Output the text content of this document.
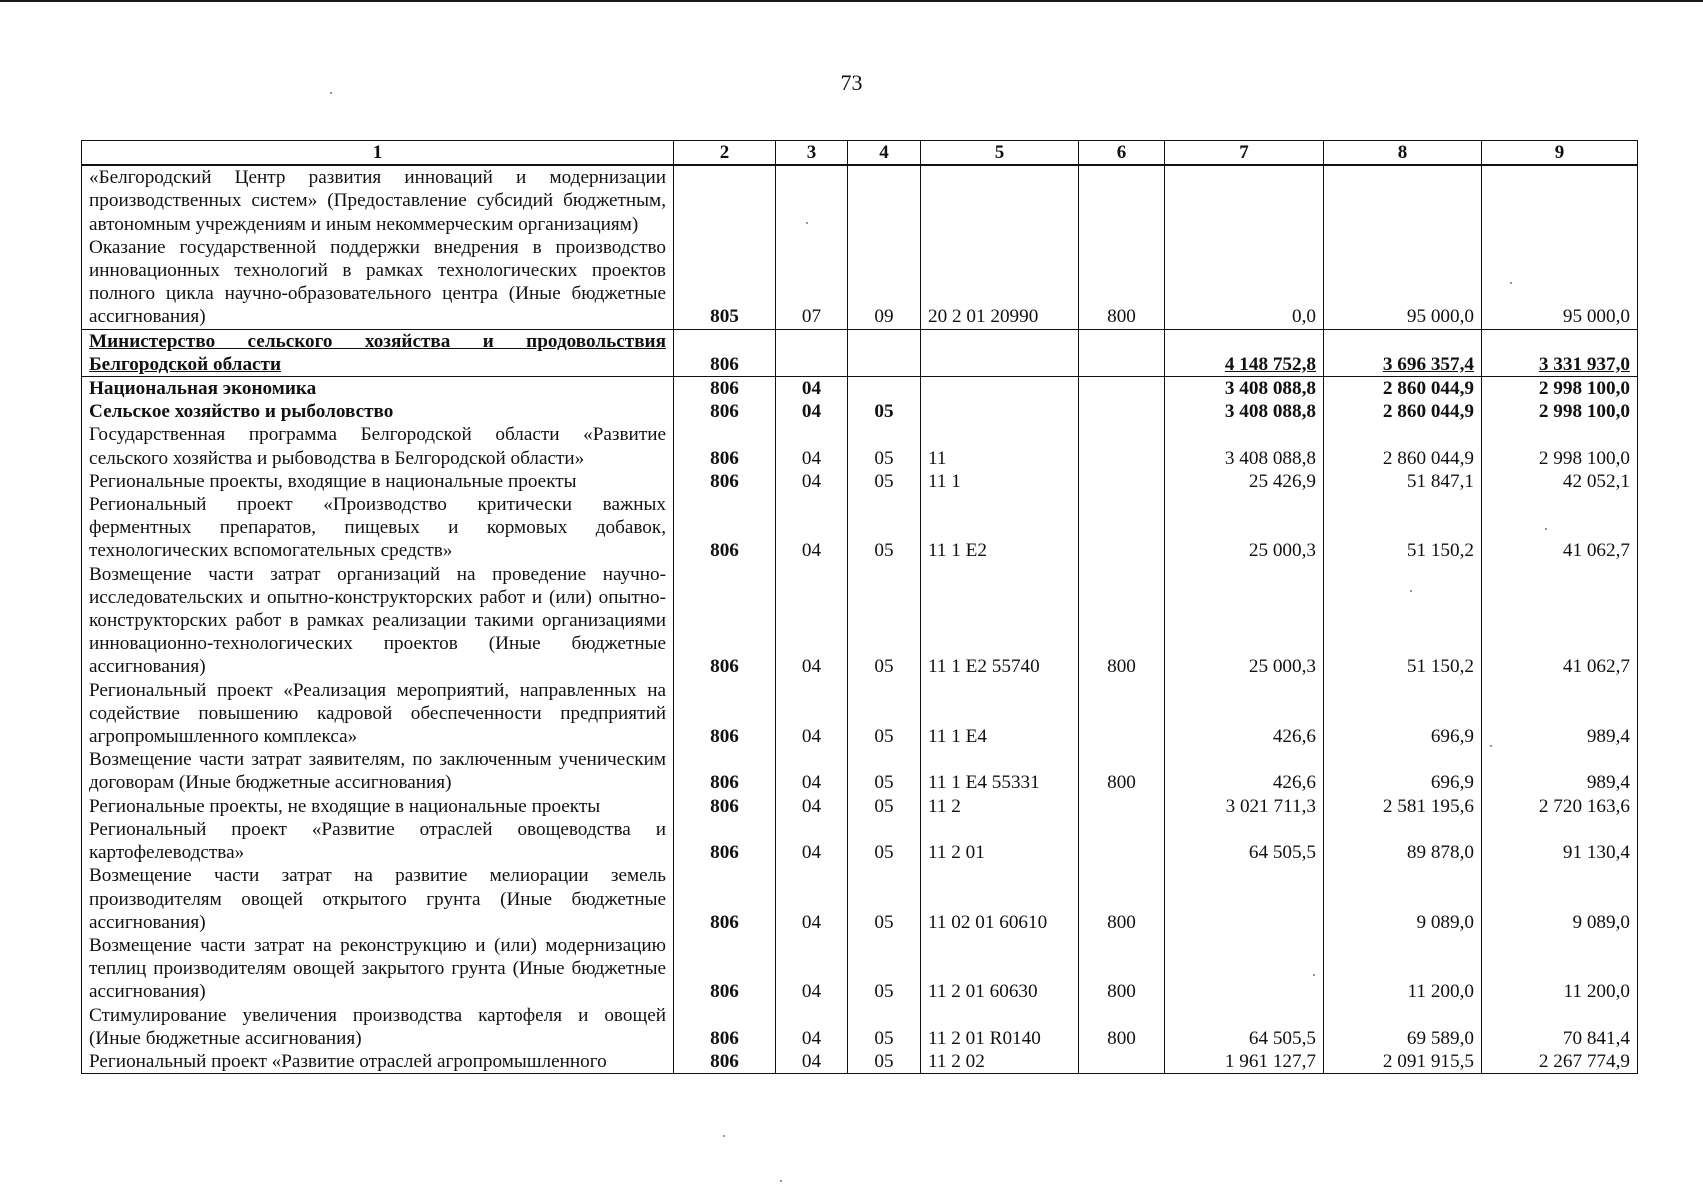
73
1	2	3	4	5	6	7	8	9
«Белгородский Центр развития инноваций и модернизации производственных систем» (Предоставление субсидий бюджетным, автономным учреждениям и иным некоммерческим организациям)								
Оказание государственной поддержки внедрения в производство инновационных технологий в рамках технологических проектов полного цикла научно-образовательного центра (Иные бюджетные ассигнования)	805	07	09	20 2 01 20990	800	0,0	95 000,0	95 000,0
Министерство сельского хозяйства и продовольствия Белгородской области	806					4 148 752,8	3 696 357,4	3 331 937,0
Национальная экономика	806	04				3 408 088,8	2 860 044,9	2 998 100,0
Сельское хозяйство и рыболовство	806	04	05			3 408 088,8	2 860 044,9	2 998 100,0
Государственная программа Белгородской области «Развитие сельского хозяйства и рыбоводства в Белгородской области»	806	04	05	11		3 408 088,8	2 860 044,9	2 998 100,0
Региональные проекты, входящие в национальные проекты	806	04	05	11 1		25 426,9	51 847,1	42 052,1
Региональный проект «Производство критически важных ферментных препаратов, пищевых и кормовых добавок, технологических вспомогательных средств»	806	04	05	11 1 E2		25 000,3	51 150,2	41 062,7
Возмещение части затрат организаций на проведение научно-исследовательских и опытно-конструкторских работ и (или) опытно-конструкторских работ в рамках реализации такими организациями инновационно-технологических проектов (Иные бюджетные ассигнования)	806	04	05	11 1 E2 55740	800	25 000,3	51 150,2	41 062,7
Региональный проект «Реализация мероприятий, направленных на содействие повышению кадровой обеспеченности предприятий агропромышленного комплекса»	806	04	05	11 1 E4		426,6	696,9	989,4
Возмещение части затрат заявителям, по заключенным ученическим договорам (Иные бюджетные ассигнования)	806	04	05	11 1 E4 55331	800	426,6	696,9	989,4
Региональные проекты, не входящие в национальные проекты	806	04	05	11 2		3 021 711,3	2 581 195,6	2 720 163,6
Региональный проект «Развитие отраслей овощеводства и картофелеводства»	806	04	05	11 2 01		64 505,5	89 878,0	91 130,4
Возмещение части затрат на развитие мелиорации земель производителям овощей открытого грунта (Иные бюджетные ассигнования)	806	04	05	11 02 01 60610	800		9 089,0	9 089,0
Возмещение части затрат на реконструкцию и (или) модернизацию теплиц производителям овощей закрытого грунта (Иные бюджетные ассигнования)	806	04	05	11 2 01 60630	800		11 200,0	11 200,0
Стимулирование увеличения производства картофеля и овощей (Иные бюджетные ассигнования)	806	04	05	11 2 01 R0140	800	64 505,5	69 589,0	70 841,4
Региональный проект «Развитие отраслей агропромышленного	806	04	05	11 2 02		1 961 127,7	2 091 915,5	2 267 774,9
